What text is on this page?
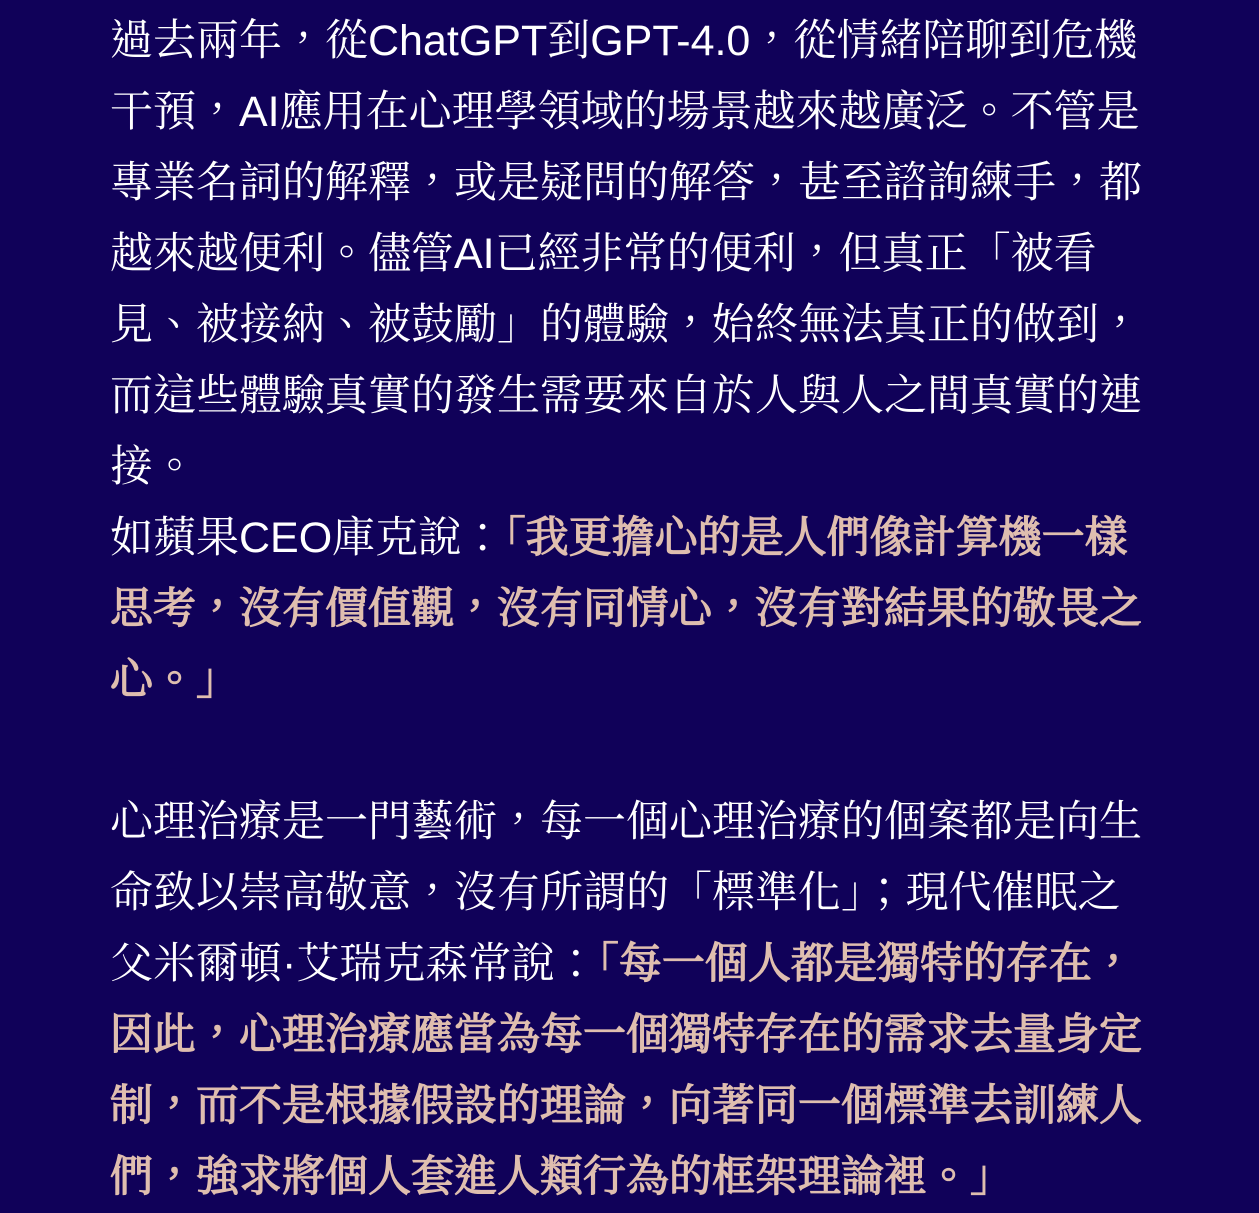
過去兩年，從ChatGPT到GPT-4.0，從情緒陪聊到危機干預，AI應用在心理學領域的場景越來越廣泛。不管是專業名詞的解釋，或是疑問的解答，甚至諮詢練手，都越來越便利。儘管AI已經非常的便利，但真正「被看見、被接納、被鼓勵」的體驗，始終無法真正的做到，而這些體驗真實的發生需要來自於人與人之間真實的連接。

如蘋果CEO庫克說：「我更擔心的是人們像計算機一樣思考，沒有價值觀，沒有同情心，沒有對結果的敬畏之心。」

心理治療是一門藝術，每一個心理治療的個案都是向生命致以崇高敬意，沒有所謂的「標準化」；現代催眠之父米爾頓·艾瑞克森常說：「每一個人都是獨特的存在，因此，心理治療應當為每一個獨特存在的需求去量身定制，而不是根據假設的理論，向著同一個標準去訓練人們，強求將個人套進人類行為的框架理論裡。」
